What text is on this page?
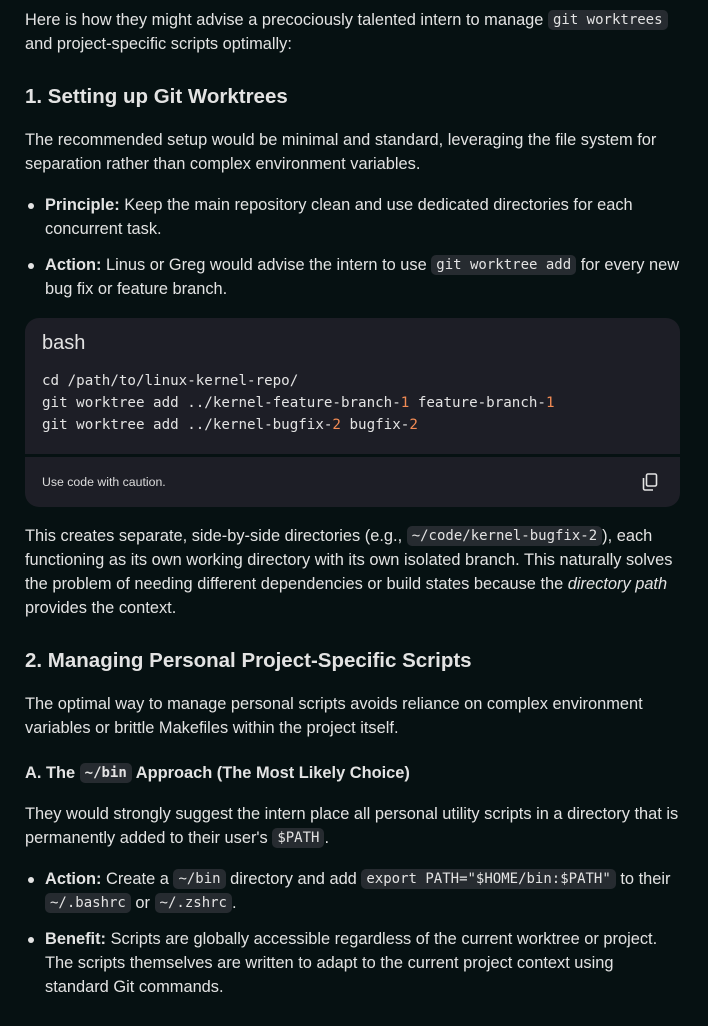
Here is how they might advise a precociously talented intern to manage git worktrees and project-specific scripts optimally:

1. Setting up Git Worktrees

The recommended setup would be minimal and standard, leveraging the file system for separation rather than complex environment variables.

Principle: Keep the main repository clean and use dedicated directories for each concurrent task.
Action: Linus or Greg would advise the intern to use git worktree add for every new bug fix or feature branch.
bash
cd /path/to/linux-kernel-repo/
git worktree add ../kernel-feature-branch-1 feature-branch-1
git worktree add ../kernel-bugfix-2 bugfix-2
Use code with caution.

This creates separate, side-by-side directories (e.g., ~/code/kernel-bugfix-2 ), each functioning as its own working directory with its own isolated branch. This naturally solves the problem of needing different dependencies or build states because the directory path provides the context.

2. Managing Personal Project-Specific Scripts

The optimal way to manage personal scripts avoids reliance on complex environment variables or brittle Makefiles within the project itself.

A. The ~/bin Approach (The Most Likely Choice)

They would strongly suggest the intern place all personal utility scripts in a directory that is permanently added to their user's $PATH .

Action: Create a ~/bin directory and add export PATH="$HOME/bin:$PATH" to their ~/.bashrc or ~/.zshrc .
Benefit: Scripts are globally accessible regardless of the current worktree or project. The scripts themselves are written to adapt to the current project context using standard Git commands.
